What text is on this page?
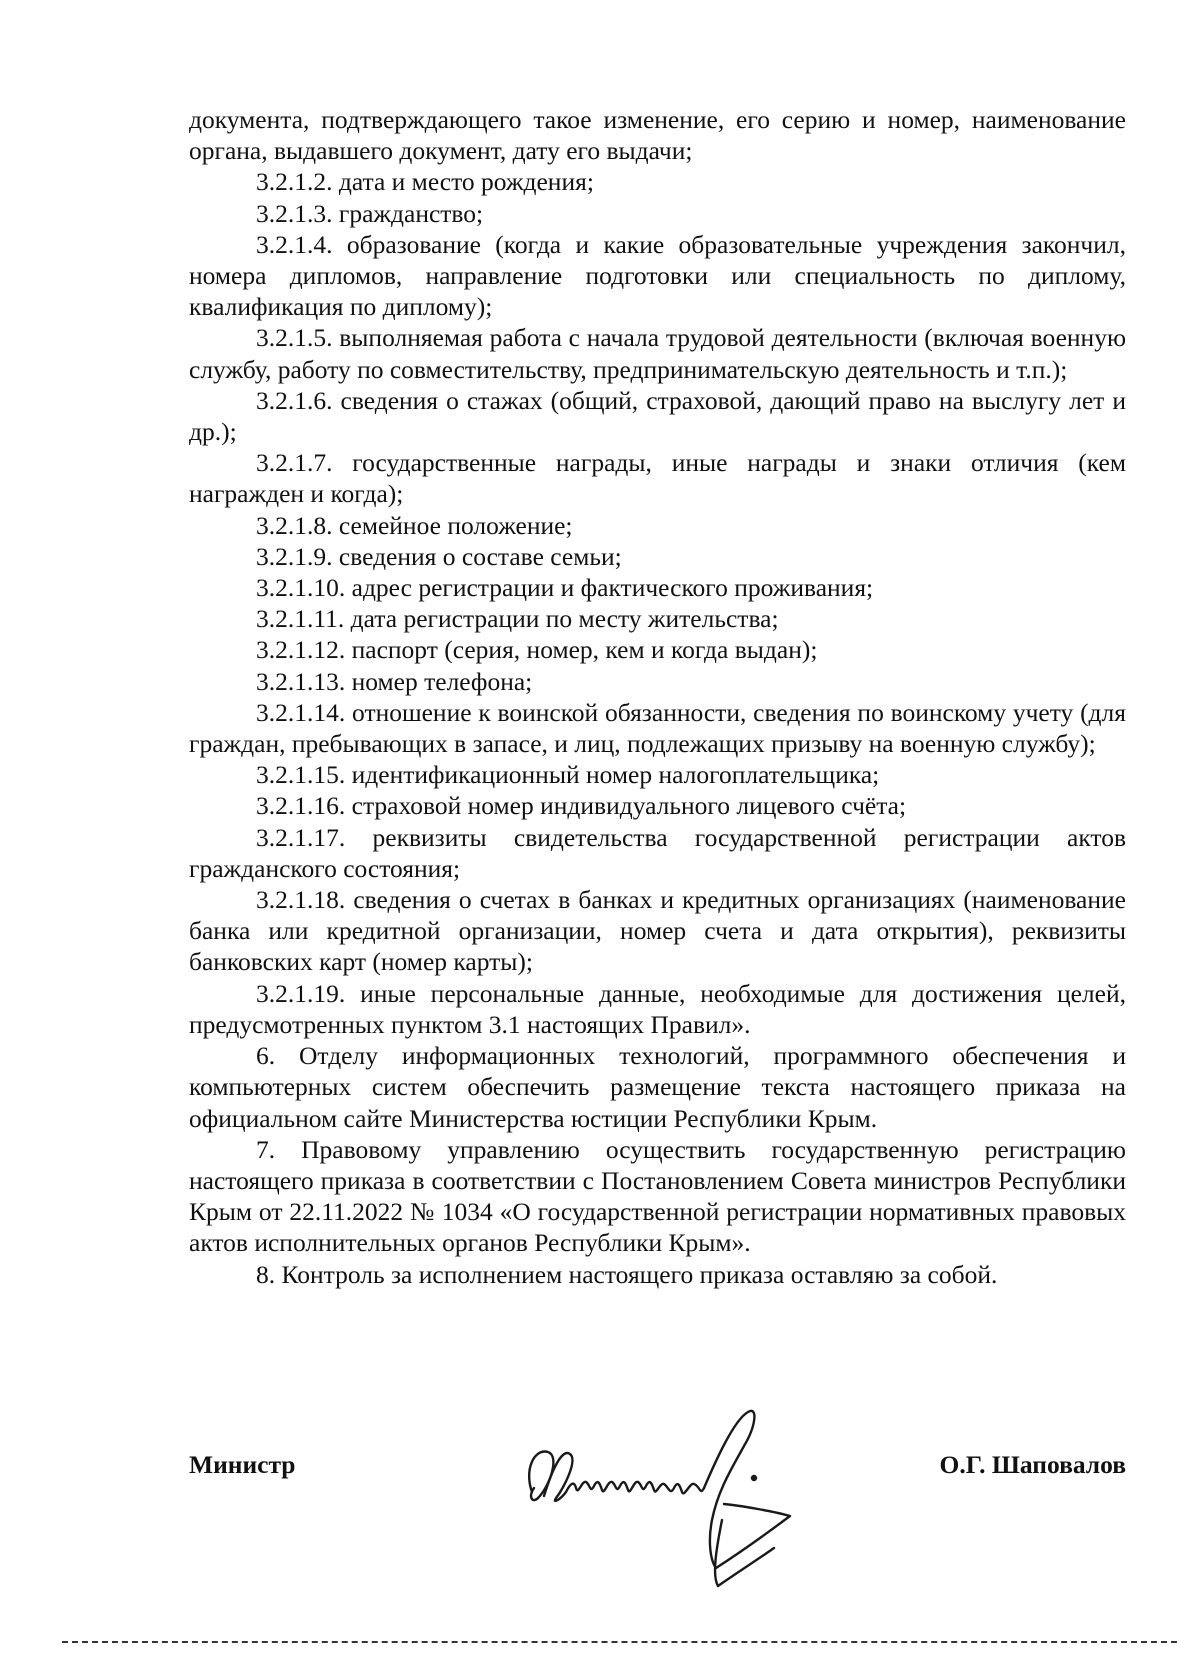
документа, подтверждающего такое изменение, его серию и номер, наименование органа, выдавшего документ, дату его выдачи;

3.2.1.2. дата и место рождения;

3.2.1.3. гражданство;

3.2.1.4. образование (когда и какие образовательные учреждения закончил, номера дипломов, направление подготовки или специальность по диплому, квалификация по диплому);

3.2.1.5. выполняемая работа с начала трудовой деятельности (включая военную службу, работу по совместительству, предпринимательскую деятельность и т.п.);

3.2.1.6. сведения о стажах (общий, страховой, дающий право на выслугу лет и др.);

3.2.1.7. государственные награды, иные награды и знаки отличия (кем награжден и когда);

3.2.1.8. семейное положение;

3.2.1.9. сведения о составе семьи;

3.2.1.10. адрес регистрации и фактического проживания;

3.2.1.11. дата регистрации по месту жительства;

3.2.1.12. паспорт (серия, номер, кем и когда выдан);

3.2.1.13. номер телефона;

3.2.1.14. отношение к воинской обязанности, сведения по воинскому учету (для граждан, пребывающих в запасе, и лиц, подлежащих призыву на военную службу);

3.2.1.15. идентификационный номер налогоплательщика;

3.2.1.16. страховой номер индивидуального лицевого счёта;

3.2.1.17. реквизиты свидетельства государственной регистрации актов гражданского состояния;

3.2.1.18. сведения о счетах в банках и кредитных организациях (наименование банка или кредитной организации, номер счета и дата открытия), реквизиты банковских карт (номер карты);

3.2.1.19. иные персональные данные, необходимые для достижения целей, предусмотренных пунктом 3.1 настоящих Правил».

6. Отделу информационных технологий, программного обеспечения и компьютерных систем обеспечить размещение текста настоящего приказа на официальном сайте Министерства юстиции Республики Крым.

7. Правовому управлению осуществить государственную регистрацию настоящего приказа в соответствии с Постановлением Совета министров Республики Крым от 22.11.2022 № 1034 «О государственной регистрации нормативных правовых актов исполнительных органов Республики Крым».

8. Контроль за исполнением настоящего приказа оставляю за собой.

Министр	О.Г. Шаповалов
